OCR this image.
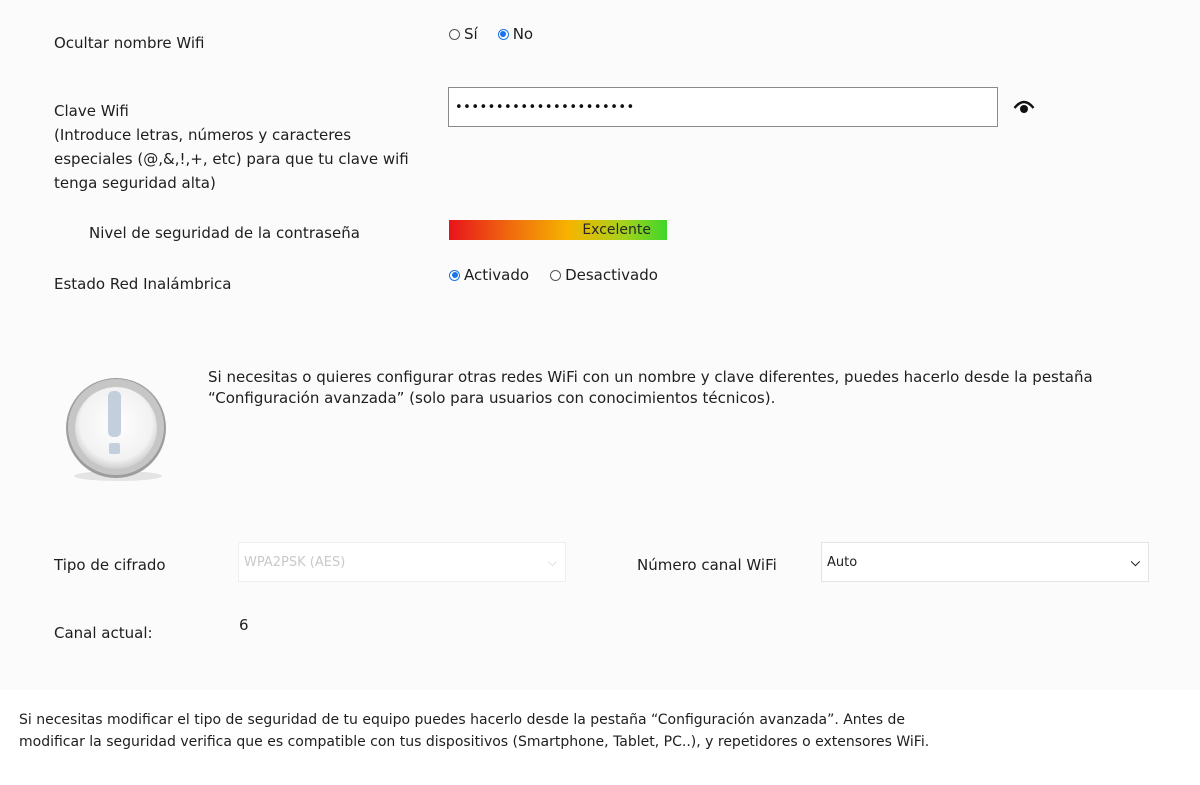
Ocultar nombre Wifi	Sí No
Clave Wifi
(Introduce letras, números y caracteres especiales (@,&,!,+, etc) para que tu clave wifi tenga seguridad alta)
••••••••••••••••••••••
Nivel de seguridad de la contraseña	Excelente
Estado Red Inalámbrica	Activado Desactivado
Si necesitas o quieres configurar otras redes WiFi con un nombre y clave diferentes, puedes hacerlo desde la pestaña “Configuración avanzada” (solo para usuarios con conocimientos técnicos).
Tipo de cifrado	WPA2PSK (AES)	⌵	Número canal WiFi	Auto	⌵
Canal actual:	6
Si necesitas modificar el tipo de seguridad de tu equipo puedes hacerlo desde la pestaña “Configuración avanzada”. Antes de modificar la seguridad verifica que es compatible con tus dispositivos (Smartphone, Tablet, PC..), y repetidores o extensores WiFi.
